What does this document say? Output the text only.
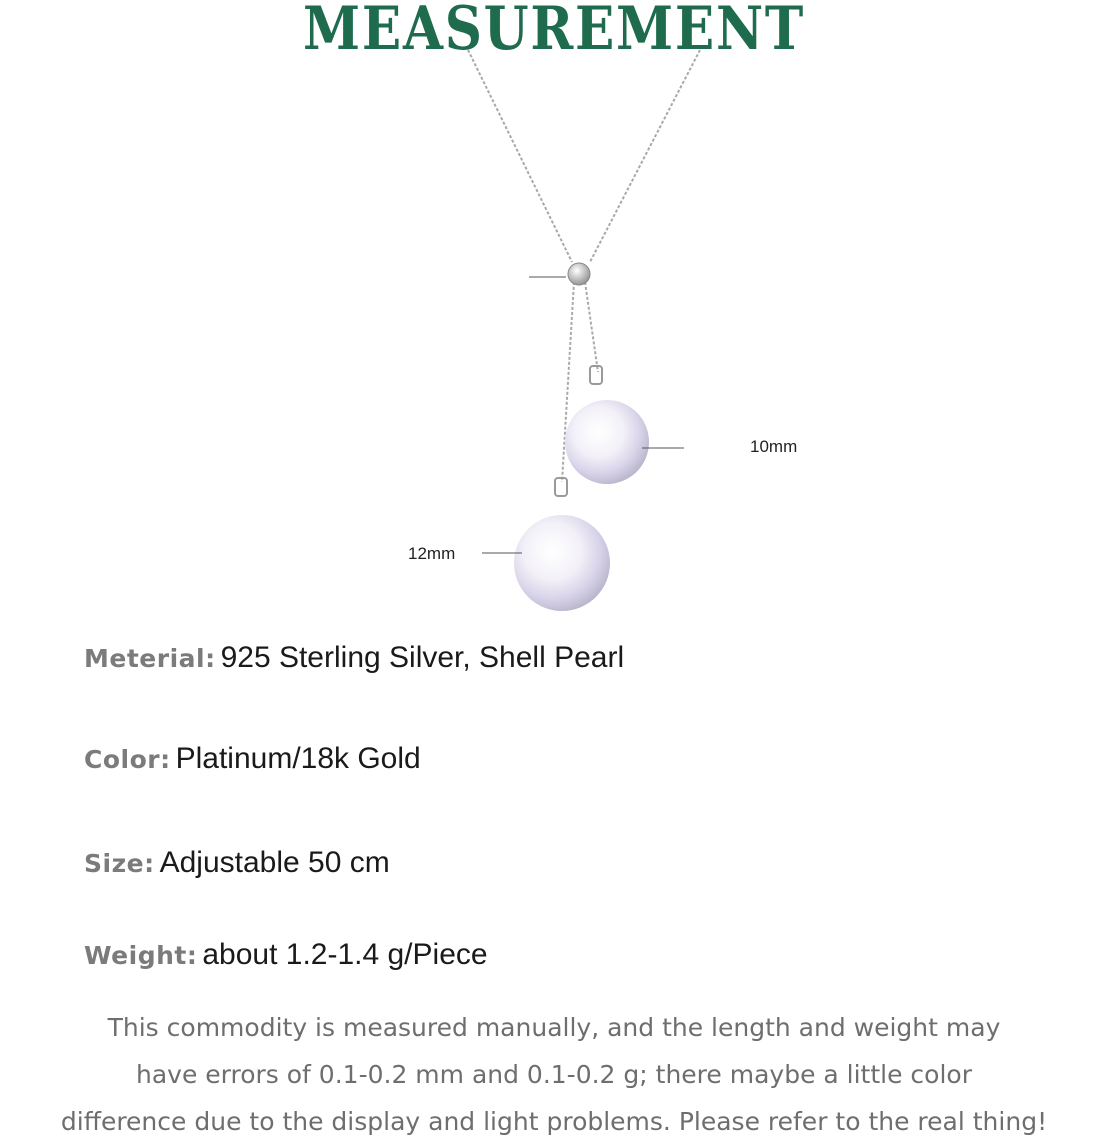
MEASUREMENT
10mm
12mm
Meterial: 925 Sterling Silver, Shell Pearl
Color: Platinum/18k Gold
Size: Adjustable 50 cm
Weight: about 1.2-1.4 g/Piece
This commodity is measured manually, and the length and weight may
have errors of 0.1-0.2 mm and 0.1-0.2 g; there maybe a little color
difference due to the display and light problems. Please refer to the real thing!
